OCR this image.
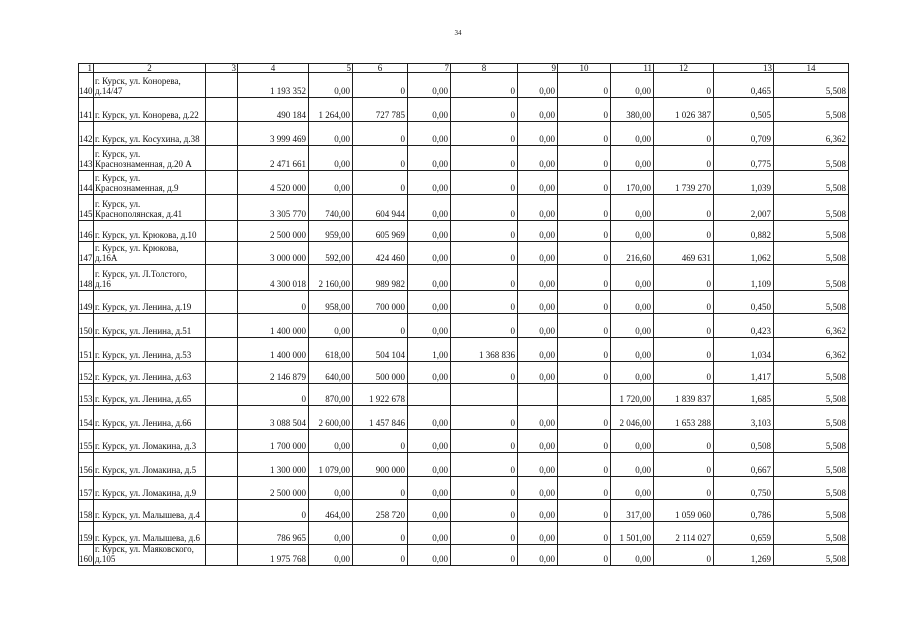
34
1	2	3	4	5	6	7	8	9	10	11	12	13	14
140	г. Курск, ул. Конорева, д.14/47		1 193 352	0,00	0	0,00	0	0,00	0	0,00	0	0,465	5,508
141	г. Курск, ул. Конорева, д.22		490 184	1 264,00	727 785	0,00	0	0,00	0	380,00	1 026 387	0,505	5,508
142	г. Курск, ул. Косухина, д.38		3 999 469	0,00	0	0,00	0	0,00	0	0,00	0	0,709	6,362
143	г. Курск, ул. Краснознаменная, д.20 А		2 471 661	0,00	0	0,00	0	0,00	0	0,00	0	0,775	5,508
144	г. Курск, ул. Краснознаменная, д.9		4 520 000	0,00	0	0,00	0	0,00	0	170,00	1 739 270	1,039	5,508
145	г. Курск, ул. Краснополянская, д.41		3 305 770	740,00	604 944	0,00	0	0,00	0	0,00	0	2,007	5,508
146	г. Курск, ул. Крюкова, д.10		2 500 000	959,00	605 969	0,00	0	0,00	0	0,00	0	0,882	5,508
147	г. Курск, ул. Крюкова, д.16А		3 000 000	592,00	424 460	0,00	0	0,00	0	216,60	469 631	1,062	5,508
148	г. Курск, ул. Л.Толстого, д.16		4 300 018	2 160,00	989 982	0,00	0	0,00	0	0,00	0	1,109	5,508
149	г. Курск, ул. Ленина, д.19		0	958,00	700 000	0,00	0	0,00	0	0,00	0	0,450	5,508
150	г. Курск, ул. Ленина, д.51		1 400 000	0,00	0	0,00	0	0,00	0	0,00	0	0,423	6,362
151	г. Курск, ул. Ленина, д.53		1 400 000	618,00	504 104	1,00	1 368 836	0,00	0	0,00	0	1,034	6,362
152	г. Курск, ул. Ленина, д.63		2 146 879	640,00	500 000	0,00	0	0,00	0	0,00	0	1,417	5,508
153	г. Курск, ул. Ленина, д.65		0	870,00	1 922 678					1 720,00	1 839 837	1,685	5,508
154	г. Курск, ул. Ленина, д.66		3 088 504	2 600,00	1 457 846	0,00	0	0,00	0	2 046,00	1 653 288	3,103	5,508
155	г. Курск, ул. Ломакина, д.3		1 700 000	0,00	0	0,00	0	0,00	0	0,00	0	0,508	5,508
156	г. Курск, ул. Ломакина, д.5		1 300 000	1 079,00	900 000	0,00	0	0,00	0	0,00	0	0,667	5,508
157	г. Курск, ул. Ломакина, д.9		2 500 000	0,00	0	0,00	0	0,00	0	0,00	0	0,750	5,508
158	г. Курск, ул. Малышева, д.4		0	464,00	258 720	0,00	0	0,00	0	317,00	1 059 060	0,786	5,508
159	г. Курск, ул. Малышева, д.6		786 965	0,00	0	0,00	0	0,00	0	1 501,00	2 114 027	0,659	5,508
160	г. Курск, ул. Маяковского, д.105		1 975 768	0,00	0	0,00	0	0,00	0	0,00	0	1,269	5,508
